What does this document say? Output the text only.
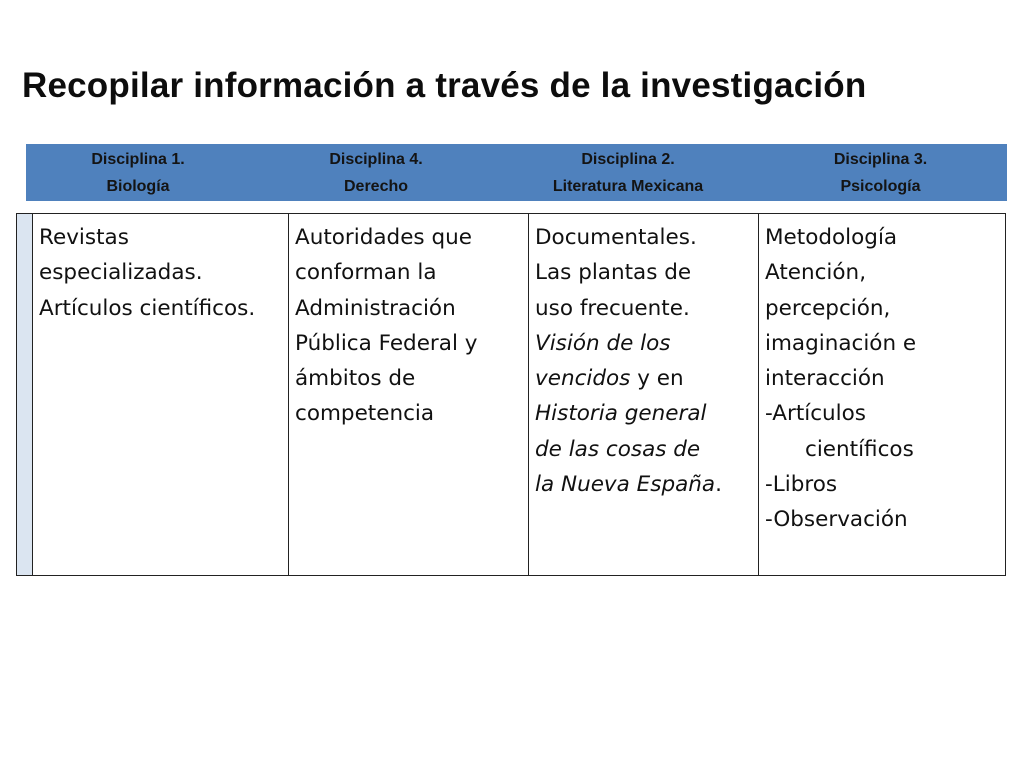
Recopilar información a través de la investigación
Disciplina 1.
Biología
Disciplina 4.
Derecho
Disciplina 2.
Literatura Mexicana
Disciplina 3.
Psicología
Revistas
especializadas.
Artículos científicos.
Autoridades que
conforman la
Administración
Pública Federal y
ámbitos de
competencia
Documentales.
Las plantas de
uso frecuente.
Visión de los
vencidos y en
Historia general
de las cosas de
la Nueva España.
Metodología
Atención,
percepción,
imaginación e
interacción
-Artículos
científicos
-Libros
-Observación
